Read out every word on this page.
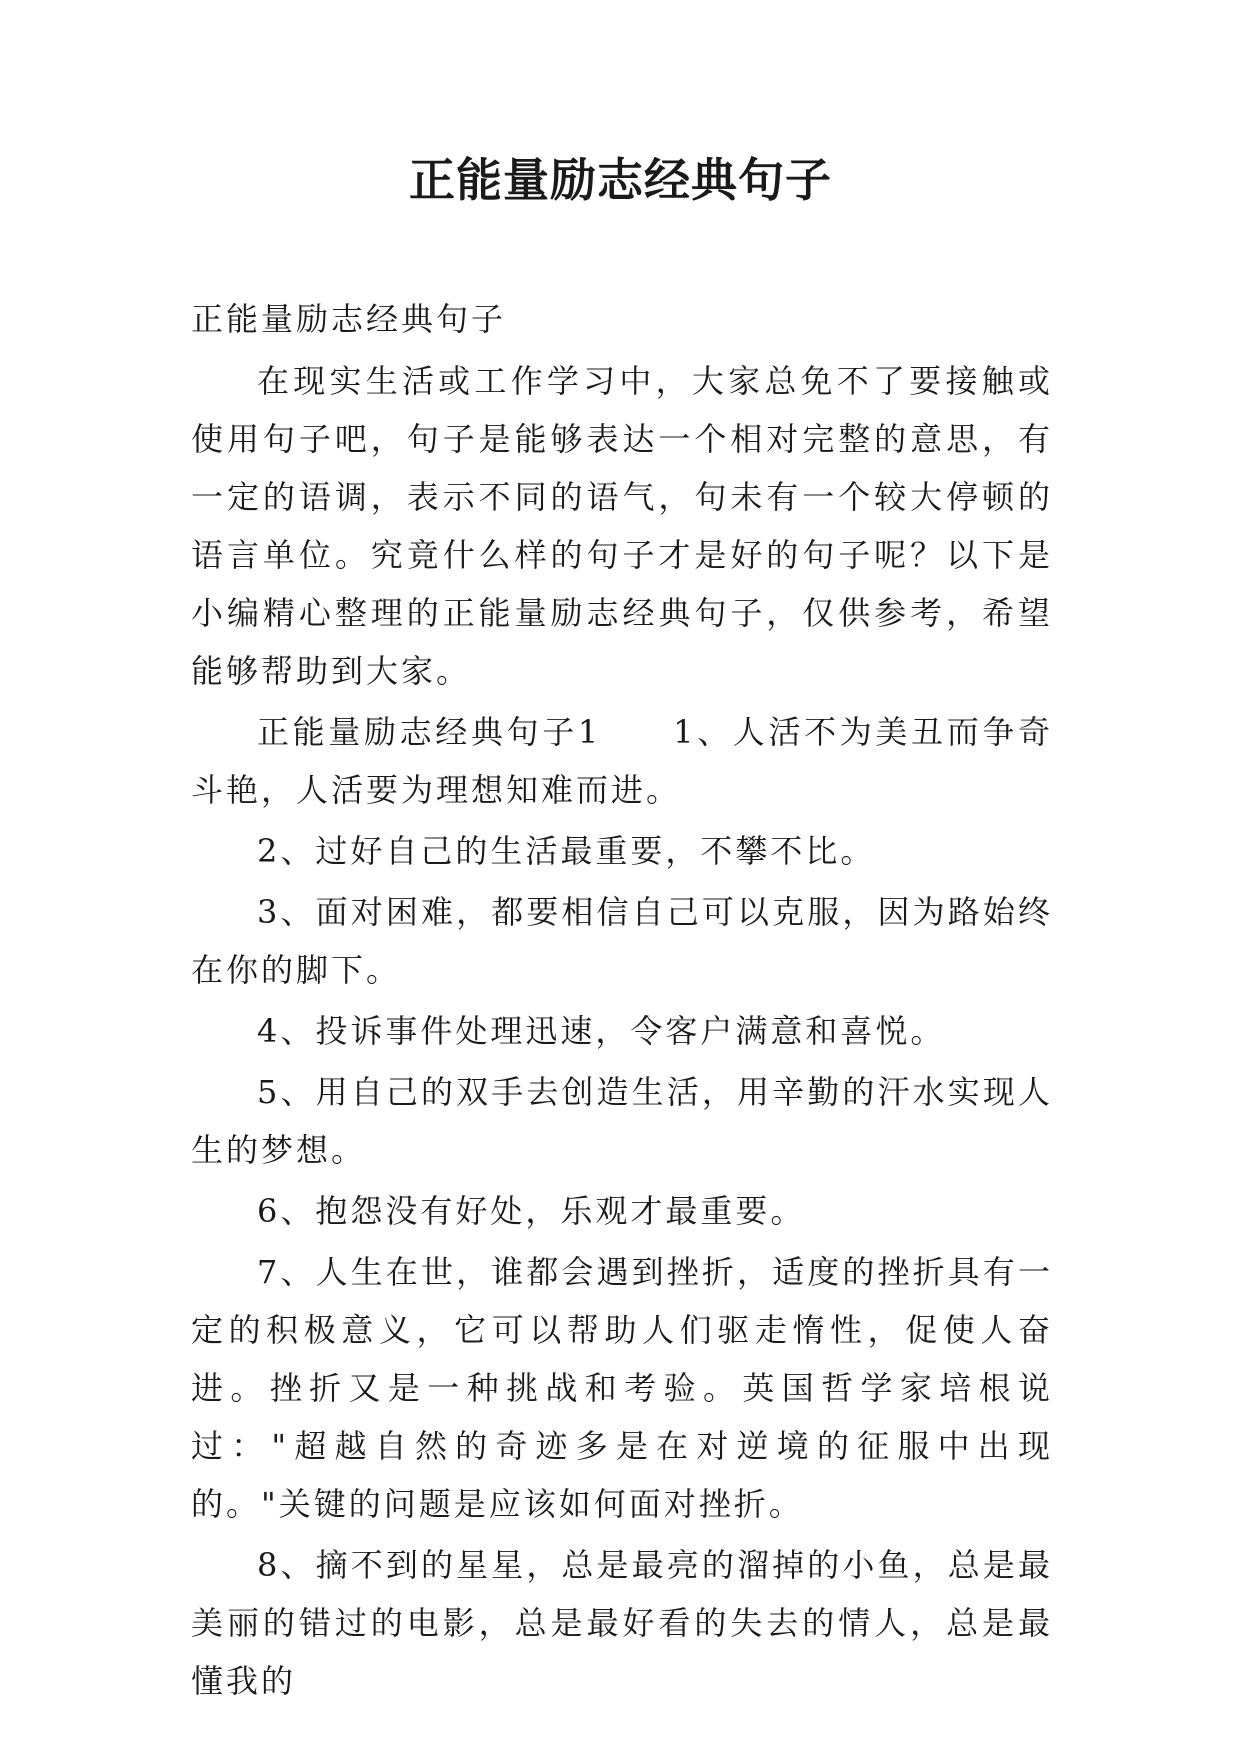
正能量励志经典句子

正能量励志经典句子

在现实生活或工作学习中，大家总免不了要接触或使用句子吧，句子是能够表达一个相对完整的意思，有一定的语调，表示不同的语气，句未有一个较大停顿的语言单位。究竟什么样的句子才是好的句子呢？以下是小编精心整理的正能量励志经典句子，仅供参考，希望能够帮助到大家。

正能量励志经典句子1　　1、人活不为美丑而争奇斗艳，人活要为理想知难而进。

2、过好自己的生活最重要，不攀不比。

3、面对困难，都要相信自己可以克服，因为路始终在你的脚下。

4、投诉事件处理迅速，令客户满意和喜悦。

5、用自己的双手去创造生活，用辛勤的汗水实现人生的梦想。

6、抱怨没有好处，乐观才最重要。

7、人生在世，谁都会遇到挫折，适度的挫折具有一定的积极意义，它可以帮助人们驱走惰性，促使人奋进。挫折又是一种挑战和考验。英国哲学家培根说过："超越自然的奇迹多是在对逆境的征服中出现的。"关键的问题是应该如何面对挫折。

8、摘不到的星星，总是最亮的溜掉的小鱼，总是最美丽的错过的电影，总是最好看的失去的情人，总是最懂我的
